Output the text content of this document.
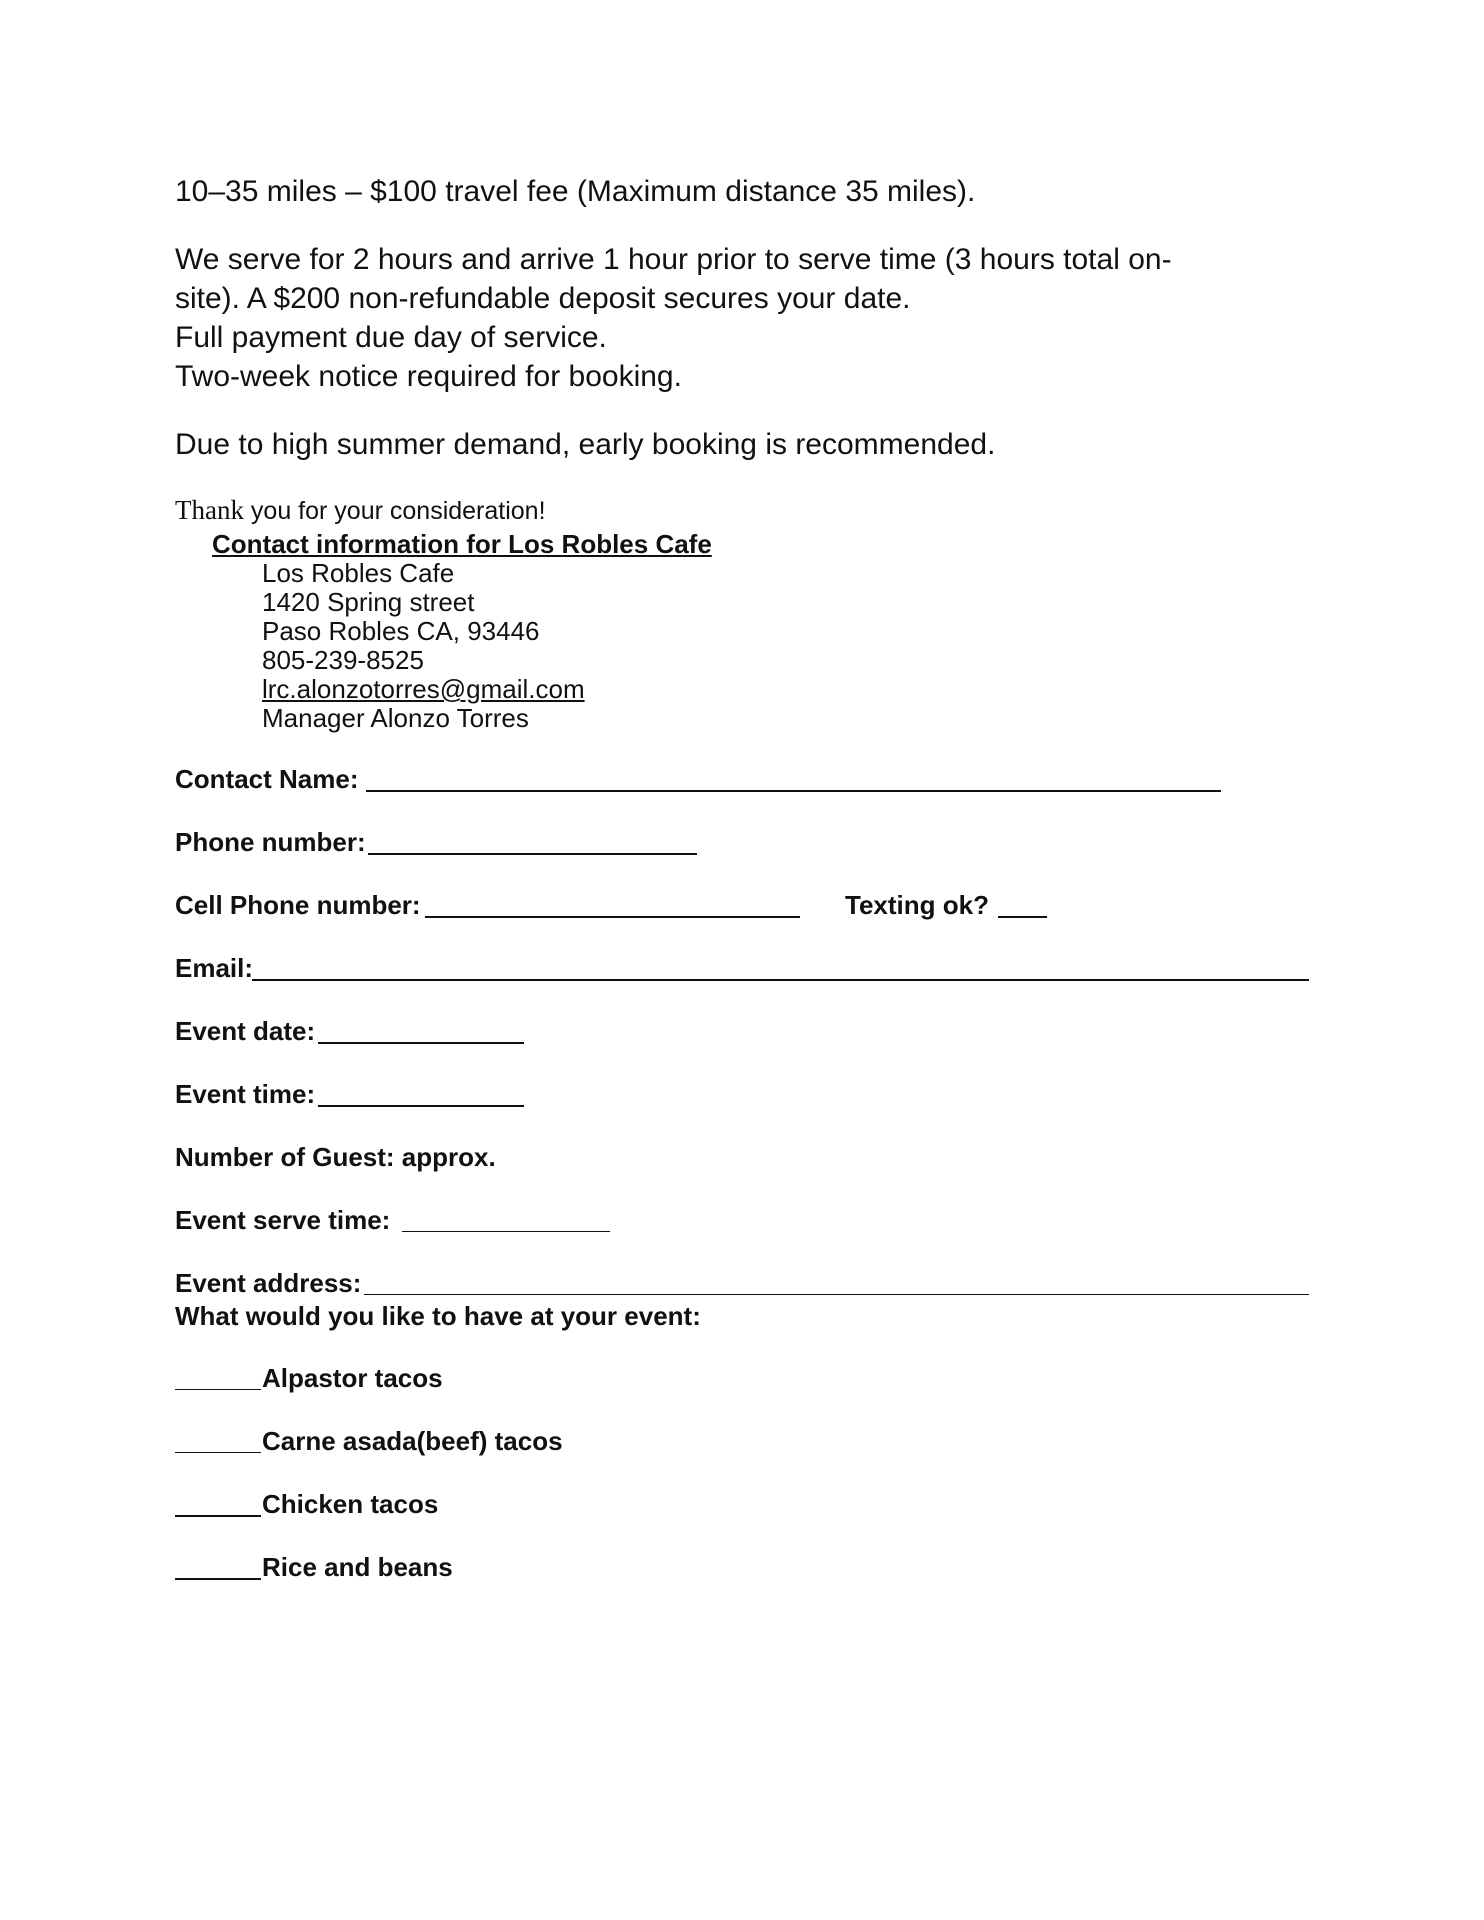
10–35 miles – $100 travel fee (Maximum distance 35 miles).
We serve for 2 hours and arrive 1 hour prior to serve time (3 hours total on-
site). A $200 non-refundable deposit secures your date.
Full payment due day of service.
Two-week notice required for booking.
Due to high summer demand, early booking is recommended.
Thank you for your consideration!
Contact information for Los Robles Cafe
Los Robles Cafe
1420 Spring street
Paso Robles CA, 93446
805-239-8525
lrc.alonzotorres@gmail.com
Manager Alonzo Torres
Contact Name:
Phone number:
Cell Phone number:	Texting ok?
Email:
Event date:
Event time:
Number of Guest: approx.
Event serve time:
Event address:
What would you like to have at your event:
Alpastor tacos
Carne asada(beef) tacos
Chicken tacos
Rice and beans
